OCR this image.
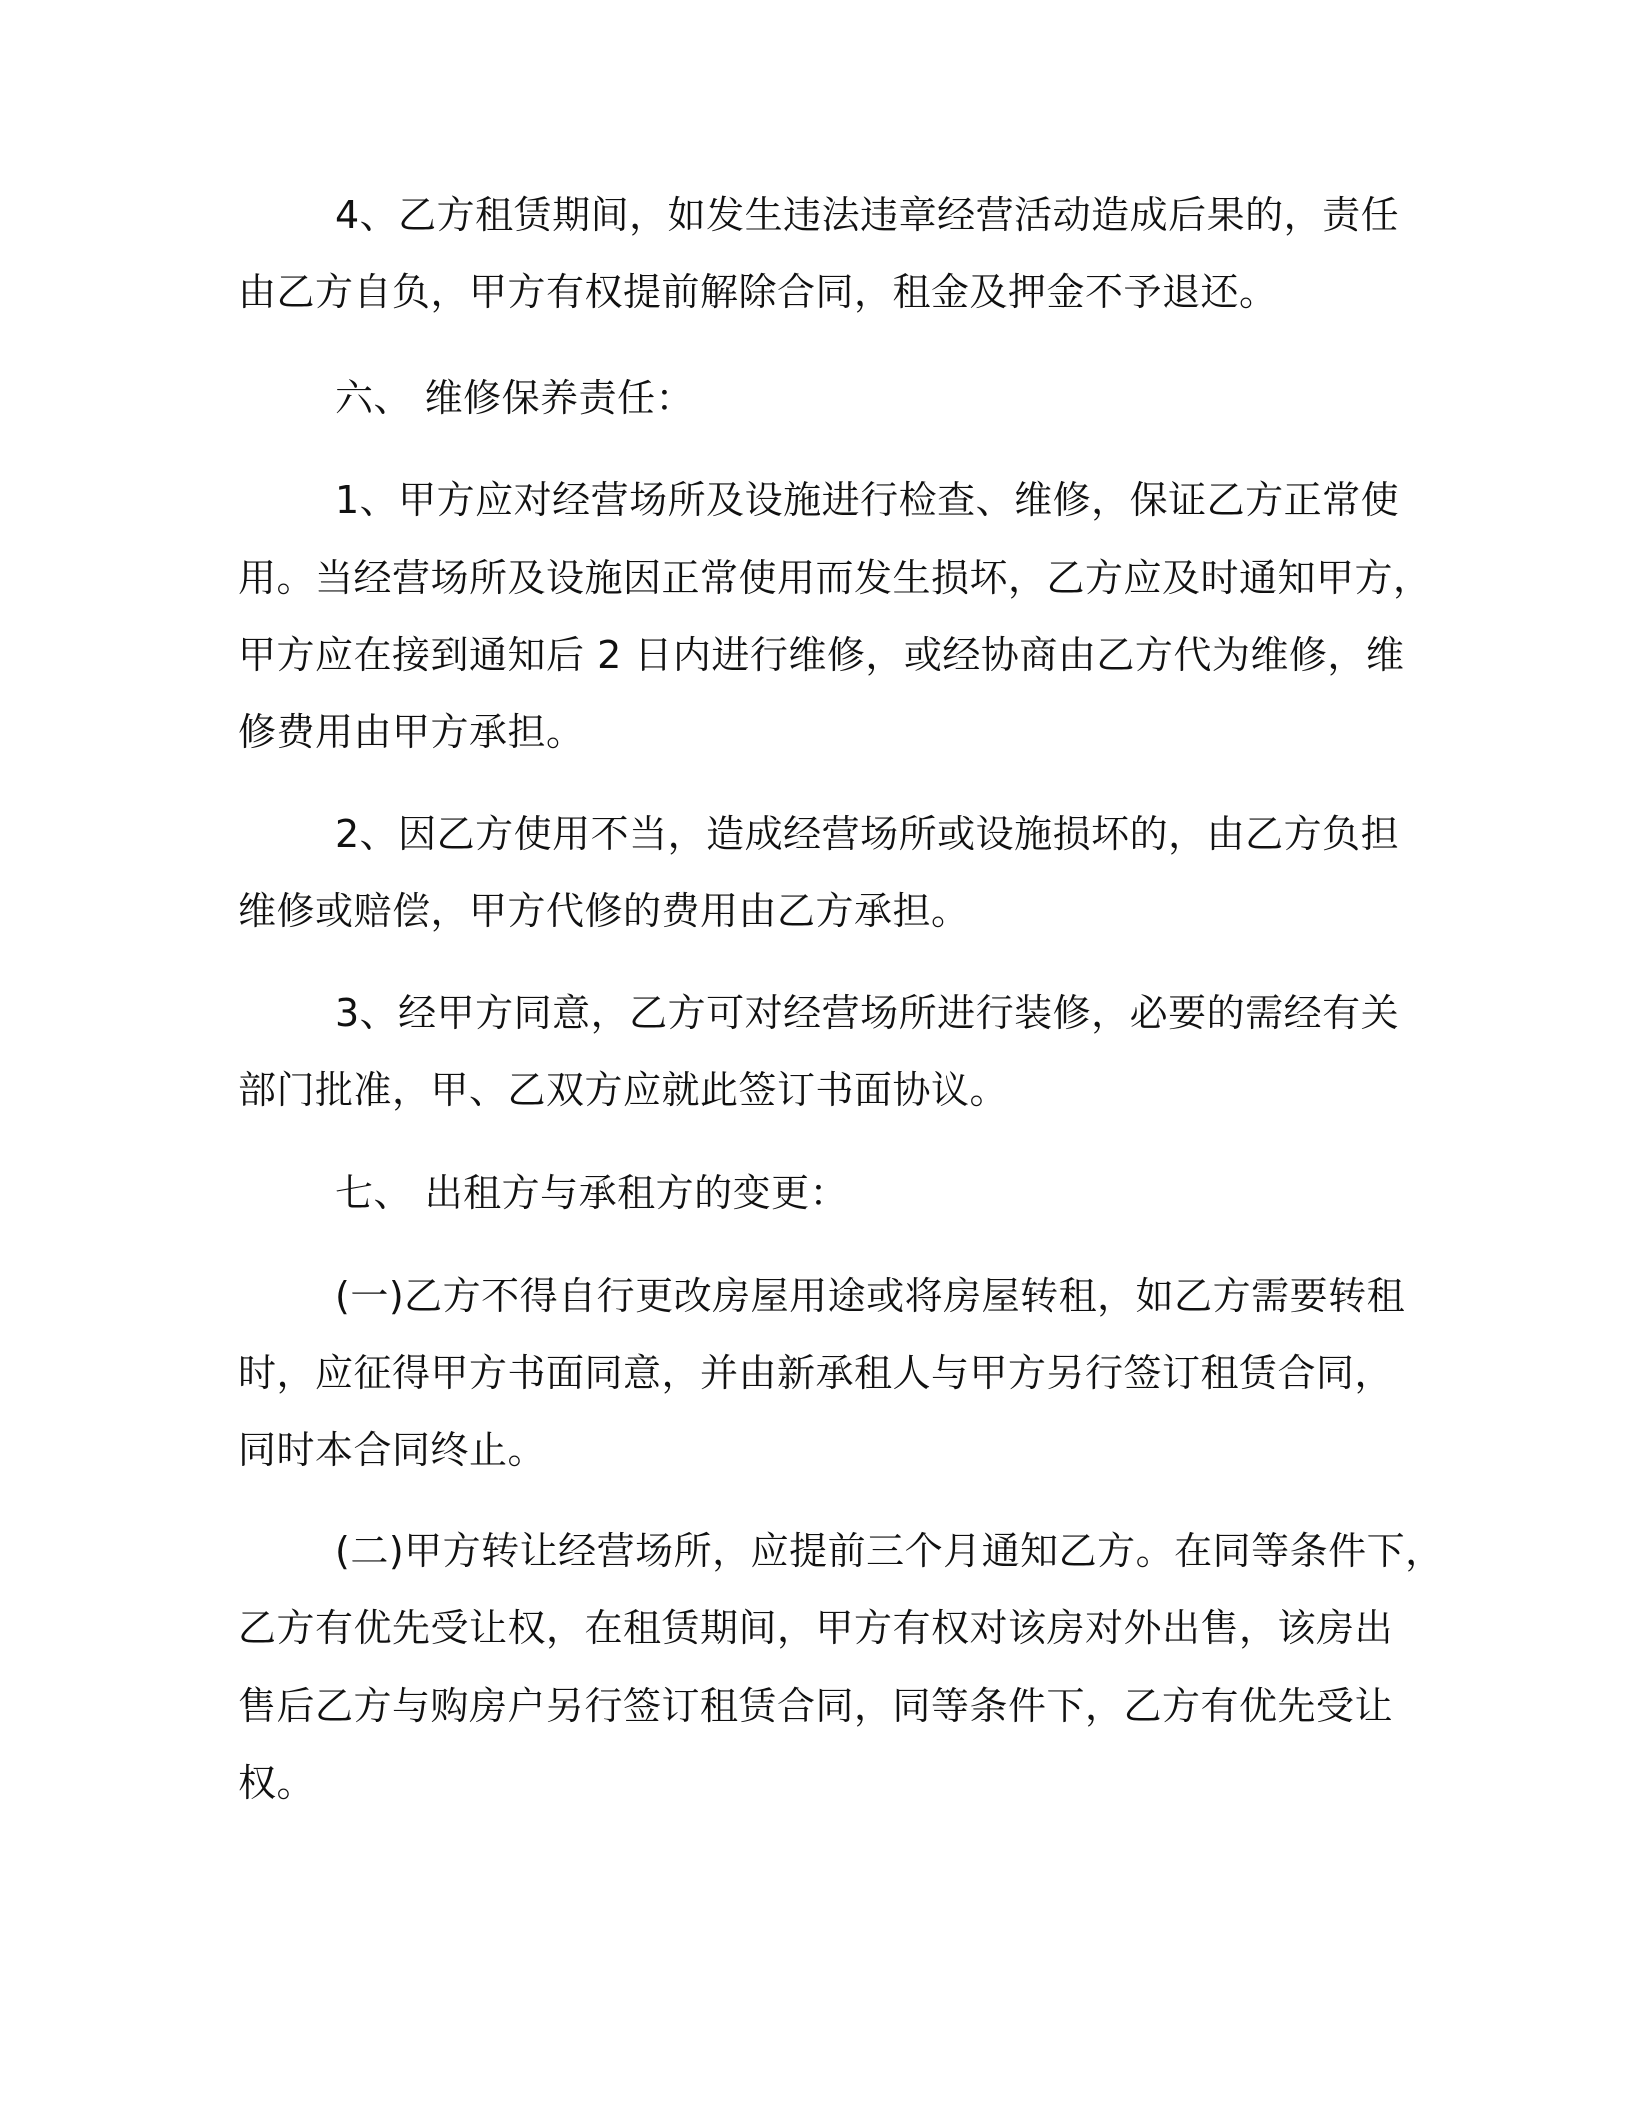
4、乙方租赁期间，如发生违法违章经营活动造成后果的，责任
由乙方自负，甲方有权提前解除合同，租金及押金不予退还。
六、 维修保养责任：
1、甲方应对经营场所及设施进行检查、维修，保证乙方正常使
用。当经营场所及设施因正常使用而发生损坏，乙方应及时通知甲方，
甲方应在接到通知后 2 日内进行维修，或经协商由乙方代为维修，维
修费用由甲方承担。
2、因乙方使用不当，造成经营场所或设施损坏的，由乙方负担
维修或赔偿，甲方代修的费用由乙方承担。
3、经甲方同意，乙方可对经营场所进行装修，必要的需经有关
部门批准，甲、乙双方应就此签订书面协议。
七、 出租方与承租方的变更：
(一)乙方不得自行更改房屋用途或将房屋转租，如乙方需要转租
时，应征得甲方书面同意，并由新承租人与甲方另行签订租赁合同，
同时本合同终止。
(二)甲方转让经营场所，应提前三个月通知乙方。在同等条件下，
乙方有优先受让权，在租赁期间，甲方有权对该房对外出售，该房出
售后乙方与购房户另行签订租赁合同，同等条件下，乙方有优先受让
权。
